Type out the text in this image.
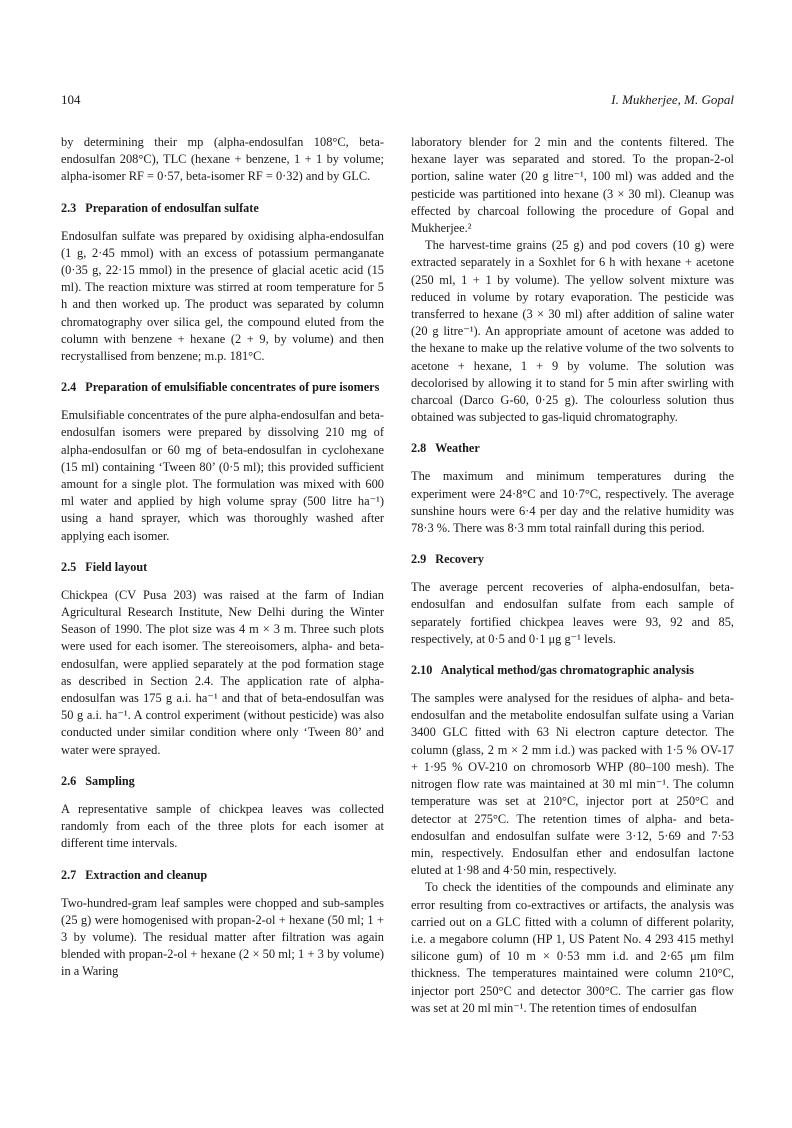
104	I. Mukherjee, M. Gopal

by determining their mp (alpha-endosulfan 108°C, beta-endosulfan 208°C), TLC (hexane + benzene, 1 + 1 by volume; alpha-isomer RF = 0·57, beta-isomer RF = 0·32) and by GLC.

2.3 Preparation of endosulfan sulfate

Endosulfan sulfate was prepared by oxidising alpha-endosulfan (1 g, 2·45 mmol) with an excess of potassium permanganate (0·35 g, 22·15 mmol) in the presence of glacial acetic acid (15 ml). The reaction mixture was stirred at room temperature for 5 h and then worked up. The product was separated by column chromatography over silica gel, the compound eluted from the column with benzene + hexane (2 + 9, by volume) and then recrystallised from benzene; m.p. 181°C.

2.4 Preparation of emulsifiable concentrates of pure isomers

Emulsifiable concentrates of the pure alpha-endosulfan and beta-endosulfan isomers were prepared by dissolving 210 mg of alpha-endosulfan or 60 mg of beta-endosulfan in cyclohexane (15 ml) containing ‘Tween 80’ (0·5 ml); this provided sufficient amount for a single plot. The formulation was mixed with 600 ml water and applied by high volume spray (500 litre ha⁻¹) using a hand sprayer, which was thoroughly washed after applying each isomer.

2.5 Field layout

Chickpea (CV Pusa 203) was raised at the farm of Indian Agricultural Research Institute, New Delhi during the Winter Season of 1990. The plot size was 4 m × 3 m. Three such plots were used for each isomer. The stereoisomers, alpha- and beta-endosulfan, were applied separately at the pod formation stage as described in Section 2.4. The application rate of alpha-endosulfan was 175 g a.i. ha⁻¹ and that of beta-endosulfan was 50 g a.i. ha⁻¹. A control experiment (without pesticide) was also conducted under similar condition where only ‘Tween 80’ and water were sprayed.

2.6 Sampling

A representative sample of chickpea leaves was collected randomly from each of the three plots for each isomer at different time intervals.

2.7 Extraction and cleanup

Two-hundred-gram leaf samples were chopped and sub-samples (25 g) were homogenised with propan-2-ol + hexane (50 ml; 1 + 3 by volume). The residual matter after filtration was again blended with propan-2-ol + hexane (2 × 50 ml; 1 + 3 by volume) in a Waring

laboratory blender for 2 min and the contents filtered. The hexane layer was separated and stored. To the propan-2-ol portion, saline water (20 g litre⁻¹, 100 ml) was added and the pesticide was partitioned into hexane (3 × 30 ml). Cleanup was effected by charcoal following the procedure of Gopal and Mukherjee.²

The harvest-time grains (25 g) and pod covers (10 g) were extracted separately in a Soxhlet for 6 h with hexane + acetone (250 ml, 1 + 1 by volume). The yellow solvent mixture was reduced in volume by rotary evaporation. The pesticide was transferred to hexane (3 × 30 ml) after addition of saline water (20 g litre⁻¹). An appropriate amount of acetone was added to the hexane to make up the relative volume of the two solvents to acetone + hexane, 1 + 9 by volume. The solution was decolorised by allowing it to stand for 5 min after swirling with charcoal (Darco G-60, 0·25 g). The colourless solution thus obtained was subjected to gas-liquid chromatography.

2.8 Weather

The maximum and minimum temperatures during the experiment were 24·8°C and 10·7°C, respectively. The average sunshine hours were 6·4 per day and the relative humidity was 78·3 %. There was 8·3 mm total rainfall during this period.

2.9 Recovery

The average percent recoveries of alpha-endosulfan, beta-endosulfan and endosulfan sulfate from each sample of separately fortified chickpea leaves were 93, 92 and 85, respectively, at 0·5 and 0·1 μg g⁻¹ levels.

2.10 Analytical method/gas chromatographic analysis

The samples were analysed for the residues of alpha- and beta-endosulfan and the metabolite endosulfan sulfate using a Varian 3400 GLC fitted with 63 Ni electron capture detector. The column (glass, 2 m × 2 mm i.d.) was packed with 1·5 % OV-17 + 1·95 % OV-210 on chromosorb WHP (80–100 mesh). The nitrogen flow rate was maintained at 30 ml min⁻¹. The column temperature was set at 210°C, injector port at 250°C and detector at 275°C. The retention times of alpha- and beta-endosulfan and endosulfan sulfate were 3·12, 5·69 and 7·53 min, respectively. Endosulfan ether and endosulfan lactone eluted at 1·98 and 4·50 min, respectively.

To check the identities of the compounds and eliminate any error resulting from co-extractives or artifacts, the analysis was carried out on a GLC fitted with a column of different polarity, i.e. a megabore column (HP 1, US Patent No. 4 293 415 methyl silicone gum) of 10 m × 0·53 mm i.d. and 2·65 μm film thickness. The temperatures maintained were column 210°C, injector port 250°C and detector 300°C. The carrier gas flow was set at 20 ml min⁻¹. The retention times of endosulfan
